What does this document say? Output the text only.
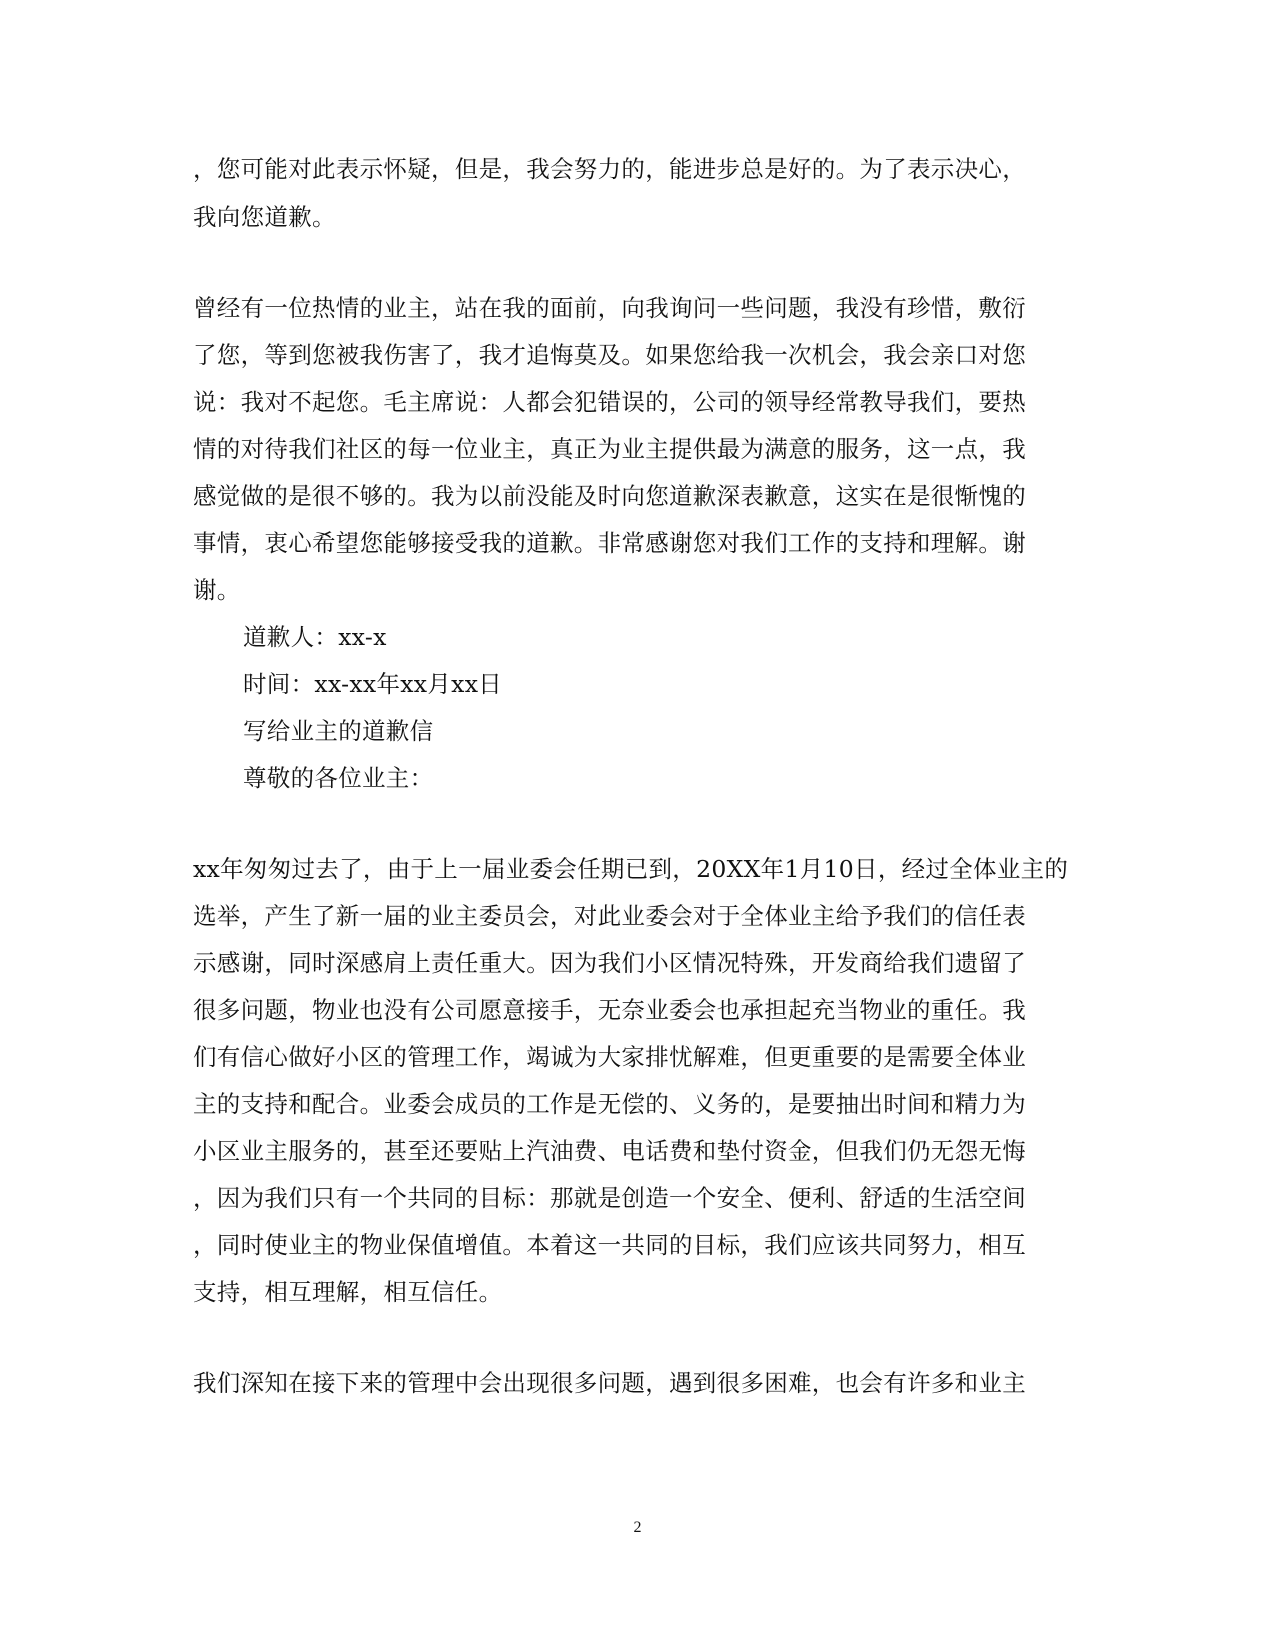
，您可能对此表示怀疑，但是，我会努力的，能进步总是好的。为了表示决心，
我向您道歉。
曾经有一位热情的业主，站在我的面前，向我询问一些问题，我没有珍惜，敷衍
了您，等到您被我伤害了，我才追悔莫及。如果您给我一次机会，我会亲口对您
说：我对不起您。毛主席说：人都会犯错误的，公司的领导经常教导我们，要热
情的对待我们社区的每一位业主，真正为业主提供最为满意的服务，这一点，我
感觉做的是很不够的。我为以前没能及时向您道歉深表歉意，这实在是很惭愧的
事情，衷心希望您能够接受我的道歉。非常感谢您对我们工作的支持和理解。谢
谢。
道歉人：xx-x
时间：xx-xx年xx月xx日
写给业主的道歉信
尊敬的各位业主：
xx年匆匆过去了，由于上一届业委会任期已到，20XX年1月10日，经过全体业主的
选举，产生了新一届的业主委员会，对此业委会对于全体业主给予我们的信任表
示感谢，同时深感肩上责任重大。因为我们小区情况特殊，开发商给我们遗留了
很多问题，物业也没有公司愿意接手，无奈业委会也承担起充当物业的重任。我
们有信心做好小区的管理工作，竭诚为大家排忧解难，但更重要的是需要全体业
主的支持和配合。业委会成员的工作是无偿的、义务的，是要抽出时间和精力为
小区业主服务的，甚至还要贴上汽油费、电话费和垫付资金，但我们仍无怨无悔
，因为我们只有一个共同的目标：那就是创造一个安全、便利、舒适的生活空间
，同时使业主的物业保值增值。本着这一共同的目标，我们应该共同努力，相互
支持，相互理解，相互信任。
我们深知在接下来的管理中会出现很多问题，遇到很多困难，也会有许多和业主
2
